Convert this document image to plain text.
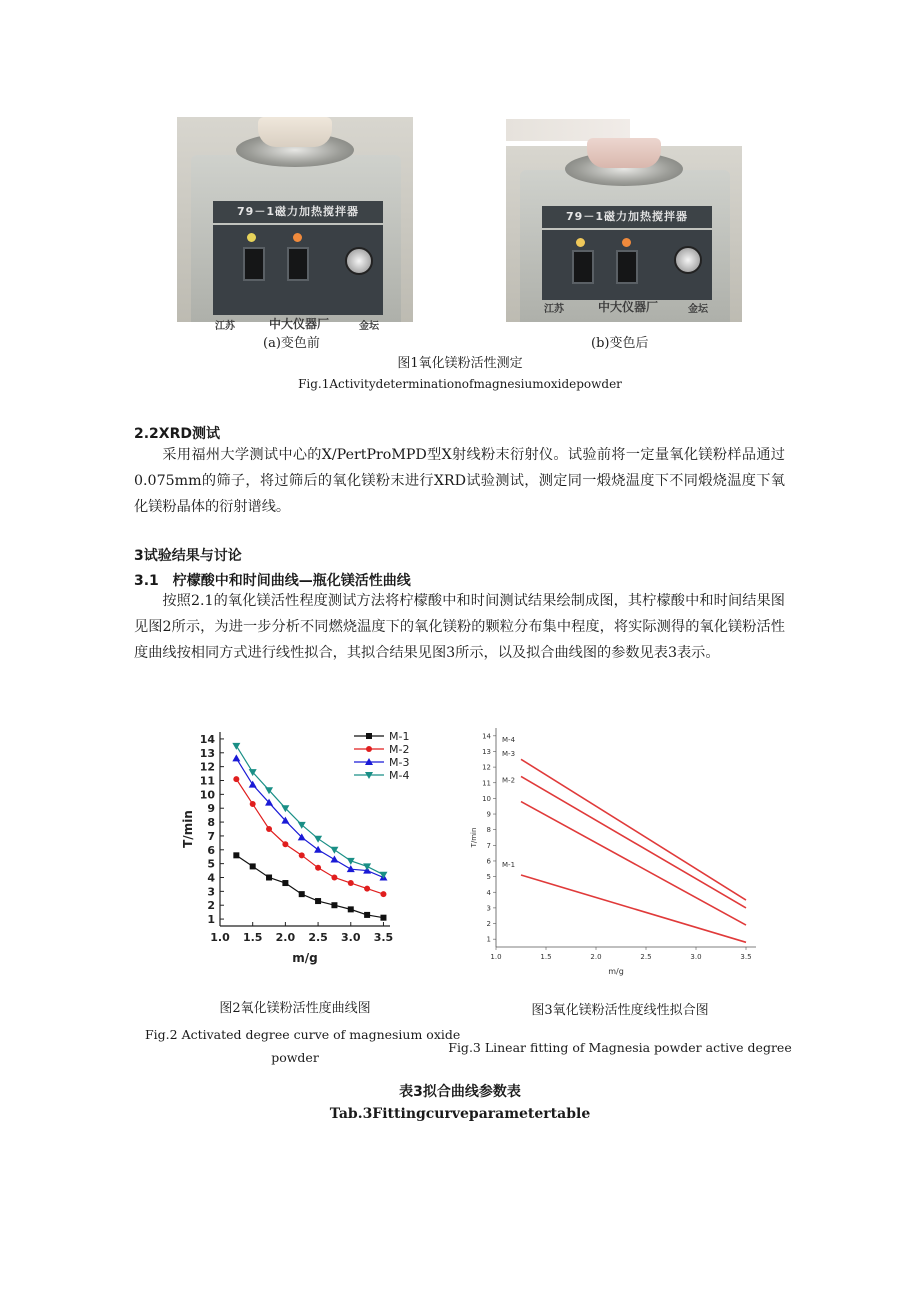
79－1磁力加热搅拌器
江苏	中大仪器厂	金坛
79－1磁力加热搅拌器
江苏	中大仪器厂	金坛
(a)变色前	(b)变色后
图1氧化镁粉活性测定
Fig.1Activitydeterminationofmagnesiumoxidepowder
2.2XRD测试

采用福州大学测试中心的X/PertProMPD型X射线粉末衍射仪。试验前将一定量氧化镁粉样品通过0.075mm的筛子，将过筛后的氧化镁粉末进行XRD试验测试，测定同一煅烧温度下不同煅烧温度下氧化镁粉晶体的衍射谱线。

3试验结果与讨论
3.1　柠檬酸中和时间曲线—瓶化镁活性曲线

按照2.1的氧化镁活性程度测试方法将柠檬酸中和时间测试结果绘制成图，其柠檬酸中和时间结果图见图2所示，为进一步分析不同燃烧温度下的氧化镁粉的颗粒分布集中程度，将实际测得的氧化镁粉活性度曲线按相同方式进行线性拟合，其拟合结果见图3所示，以及拟合曲线图的参数见表3表示。

1
2
3
4
5
6
7
8
9
10
11
12
13
14
1.0 1.5 2.0 2.5 3.0 3.5
m/g
T/min
M-1
M-2
M-3
M-4
图2氧化镁粉活性度曲线图
Fig.2 Activated degree curve of magnesium oxide
powder
1
2
3
4
5
6
7
8
9
10
11
12
13
14
1.0	1.5	2.0	2.5	3.0	3.5
m/g
T/min
M-1
M-2
M-3
M-4
图3氧化镁粉活性度线性拟合图
Fig.3 Linear fitting of Magnesia powder active degree
表3拟合曲线参数表
Tab.3Fittingcurveparametertable
